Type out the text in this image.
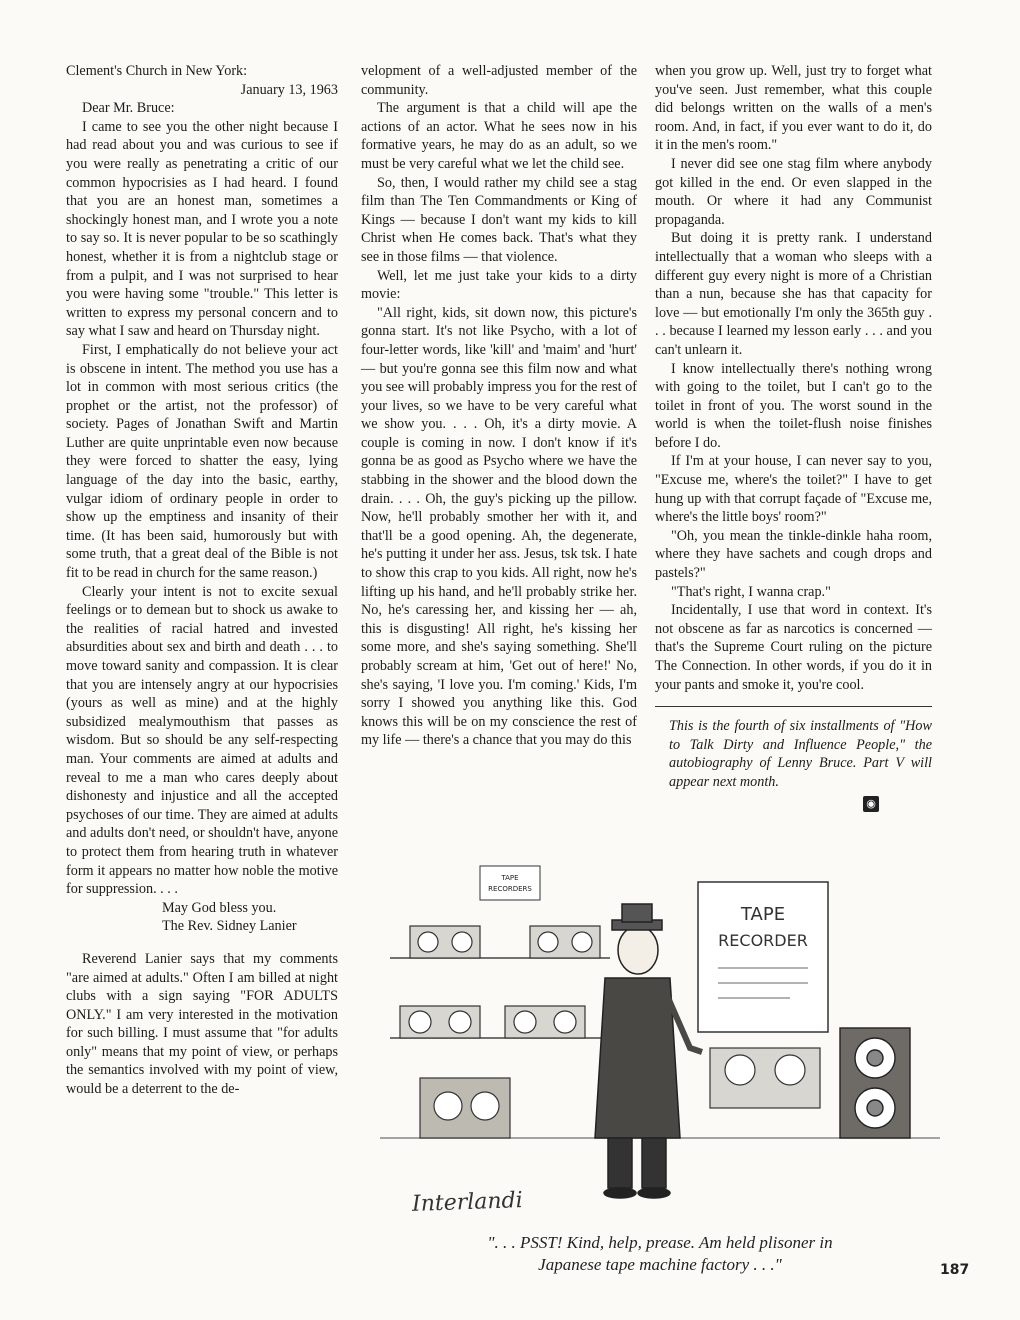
Clement's Church in New York:

January 13, 1963

Dear Mr. Bruce:

I came to see you the other night because I had read about you and was curious to see if you were really as penetrating a critic of our common hypocrisies as I had heard. I found that you are an honest man, sometimes a shockingly honest man, and I wrote you a note to say so. It is never popular to be so scathingly honest, whether it is from a nightclub stage or from a pulpit, and I was not surprised to hear you were having some "trouble." This letter is written to express my personal concern and to say what I saw and heard on Thursday night.

First, I emphatically do not believe your act is obscene in intent. The method you use has a lot in common with most serious critics (the prophet or the artist, not the professor) of society. Pages of Jonathan Swift and Martin Luther are quite unprintable even now because they were forced to shatter the easy, lying language of the day into the basic, earthy, vulgar idiom of ordinary people in order to show up the emptiness and insanity of their time. (It has been said, humorously but with some truth, that a great deal of the Bible is not fit to be read in church for the same reason.)

Clearly your intent is not to excite sexual feelings or to demean but to shock us awake to the realities of racial hatred and invested absurdities about sex and birth and death . . . to move toward sanity and compassion. It is clear that you are intensely angry at our hypocrisies (yours as well as mine) and at the highly subsidized mealymouthism that passes as wisdom. But so should be any self-respecting man. Your comments are aimed at adults and reveal to me a man who cares deeply about dishonesty and injustice and all the accepted psychoses of our time. They are aimed at adults and adults don't need, or shouldn't have, anyone to protect them from hearing truth in whatever form it appears no matter how noble the motive for suppression. . . .

May God bless you.

The Rev. Sidney Lanier

Reverend Lanier says that my comments "are aimed at adults." Often I am billed at night clubs with a sign saying "FOR ADULTS ONLY." I am very interested in the motivation for such billing. I must assume that "for adults only" means that my point of view, or perhaps the semantics involved with my point of view, would be a deterrent to the de-

velopment of a well-adjusted member of the community.

The argument is that a child will ape the actions of an actor. What he sees now in his formative years, he may do as an adult, so we must be very careful what we let the child see.

So, then, I would rather my child see a stag film than The Ten Commandments or King of Kings — because I don't want my kids to kill Christ when He comes back. That's what they see in those films — that violence.

Well, let me just take your kids to a dirty movie:

"All right, kids, sit down now, this picture's gonna start. It's not like Psycho, with a lot of four-letter words, like 'kill' and 'maim' and 'hurt' — but you're gonna see this film now and what you see will probably impress you for the rest of your lives, so we have to be very careful what we show you. . . . Oh, it's a dirty movie. A couple is coming in now. I don't know if it's gonna be as good as Psycho where we have the stabbing in the shower and the blood down the drain. . . . Oh, the guy's picking up the pillow. Now, he'll probably smother her with it, and that'll be a good opening. Ah, the degenerate, he's putting it under her ass. Jesus, tsk tsk. I hate to show this crap to you kids. All right, now he's lifting up his hand, and he'll probably strike her. No, he's caressing her, and kissing her — ah, this is disgusting! All right, he's kissing her some more, and she's saying something. She'll probably scream at him, 'Get out of here!' No, she's saying, 'I love you. I'm coming.' Kids, I'm sorry I showed you anything like this. God knows this will be on my conscience the rest of my life — there's a chance that you may do this

when you grow up. Well, just try to forget what you've seen. Just remember, what this couple did belongs written on the walls of a men's room. And, in fact, if you ever want to do it, do it in the men's room."

I never did see one stag film where anybody got killed in the end. Or even slapped in the mouth. Or where it had any Communist propaganda.

But doing it is pretty rank. I understand intellectually that a woman who sleeps with a different guy every night is more of a Christian than a nun, because she has that capacity for love — but emotionally I'm only the 365th guy . . . because I learned my lesson early . . . and you can't unlearn it.

I know intellectually there's nothing wrong with going to the toilet, but I can't go to the toilet in front of you. The worst sound in the world is when the toilet-flush noise finishes before I do.

If I'm at your house, I can never say to you, "Excuse me, where's the toilet?" I have to get hung up with that corrupt façade of "Excuse me, where's the little boys' room?"

"Oh, you mean the tinkle-dinkle haha room, where they have sachets and cough drops and pastels?"

"That's right, I wanna crap."

Incidentally, I use that word in context. It's not obscene as far as narcotics is concerned — that's the Supreme Court ruling on the picture The Connection. In other words, if you do it in your pants and smoke it, you're cool.

This is the fourth of six installments of "How to Talk Dirty and Influence People," the autobiography of Lenny Bruce. Part V will appear next month.

◉
TAPE
RECORDERS
TAPE
RECORDER
Interlandi
". . . PSST! Kind, help, prease. Am held plisoner in
Japanese tape machine factory . . ."	187
